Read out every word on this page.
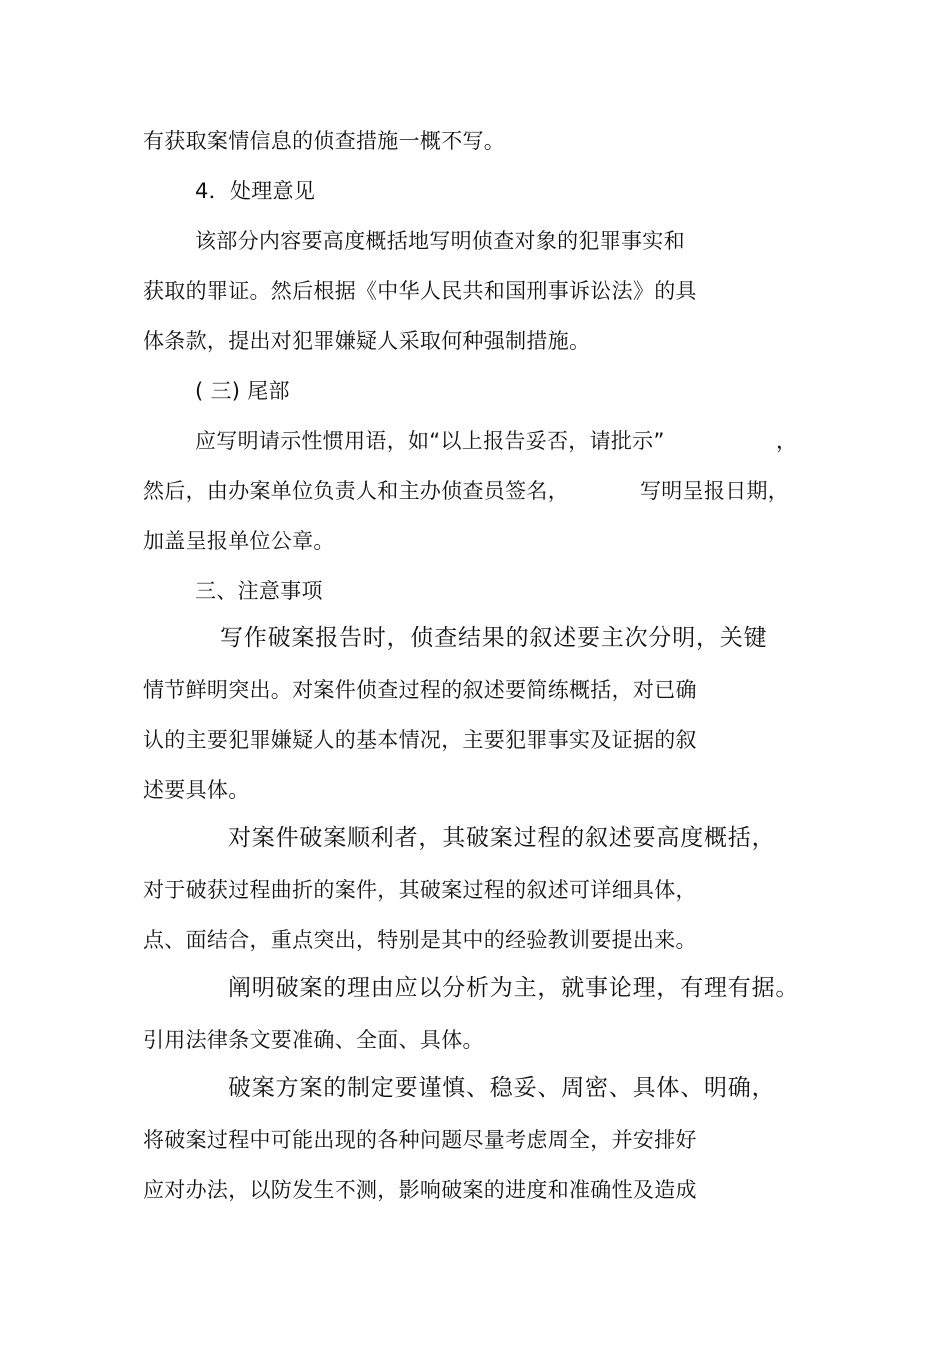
有获取案情信息的侦查措施一概不写。
4．处理意见
该部分内容要高度概括地写明侦查对象的犯罪事实和
获取的罪证。然后根据《中华人民共和国刑事诉讼法》的具
体条款，提出对犯罪嫌疑人采取何种强制措施。
( 三) 尾部
应写明请示性惯用语，如“以上报告妥否，请批示”	，
然后，由办案单位负责人和主办侦查员签名，	写明呈报日期，
加盖呈报单位公章。
三、注意事项
写作破案报告时，侦查结果的叙述要主次分明，关键
情节鲜明突出。对案件侦查过程的叙述要简练概括，对已确
认的主要犯罪嫌疑人的基本情况，主要犯罪事实及证据的叙
述要具体。
对案件破案顺利者，其破案过程的叙述要高度概括，
对于破获过程曲折的案件，其破案过程的叙述可详细具体，
点、面结合，重点突出，特别是其中的经验教训要提出来。
阐明破案的理由应以分析为主，就事论理，有理有据。
引用法律条文要准确、全面、具体。
破案方案的制定要谨慎、稳妥、周密、具体、明确，
将破案过程中可能出现的各种问题尽量考虑周全，并安排好
应对办法，以防发生不测，影响破案的进度和准确性及造成
